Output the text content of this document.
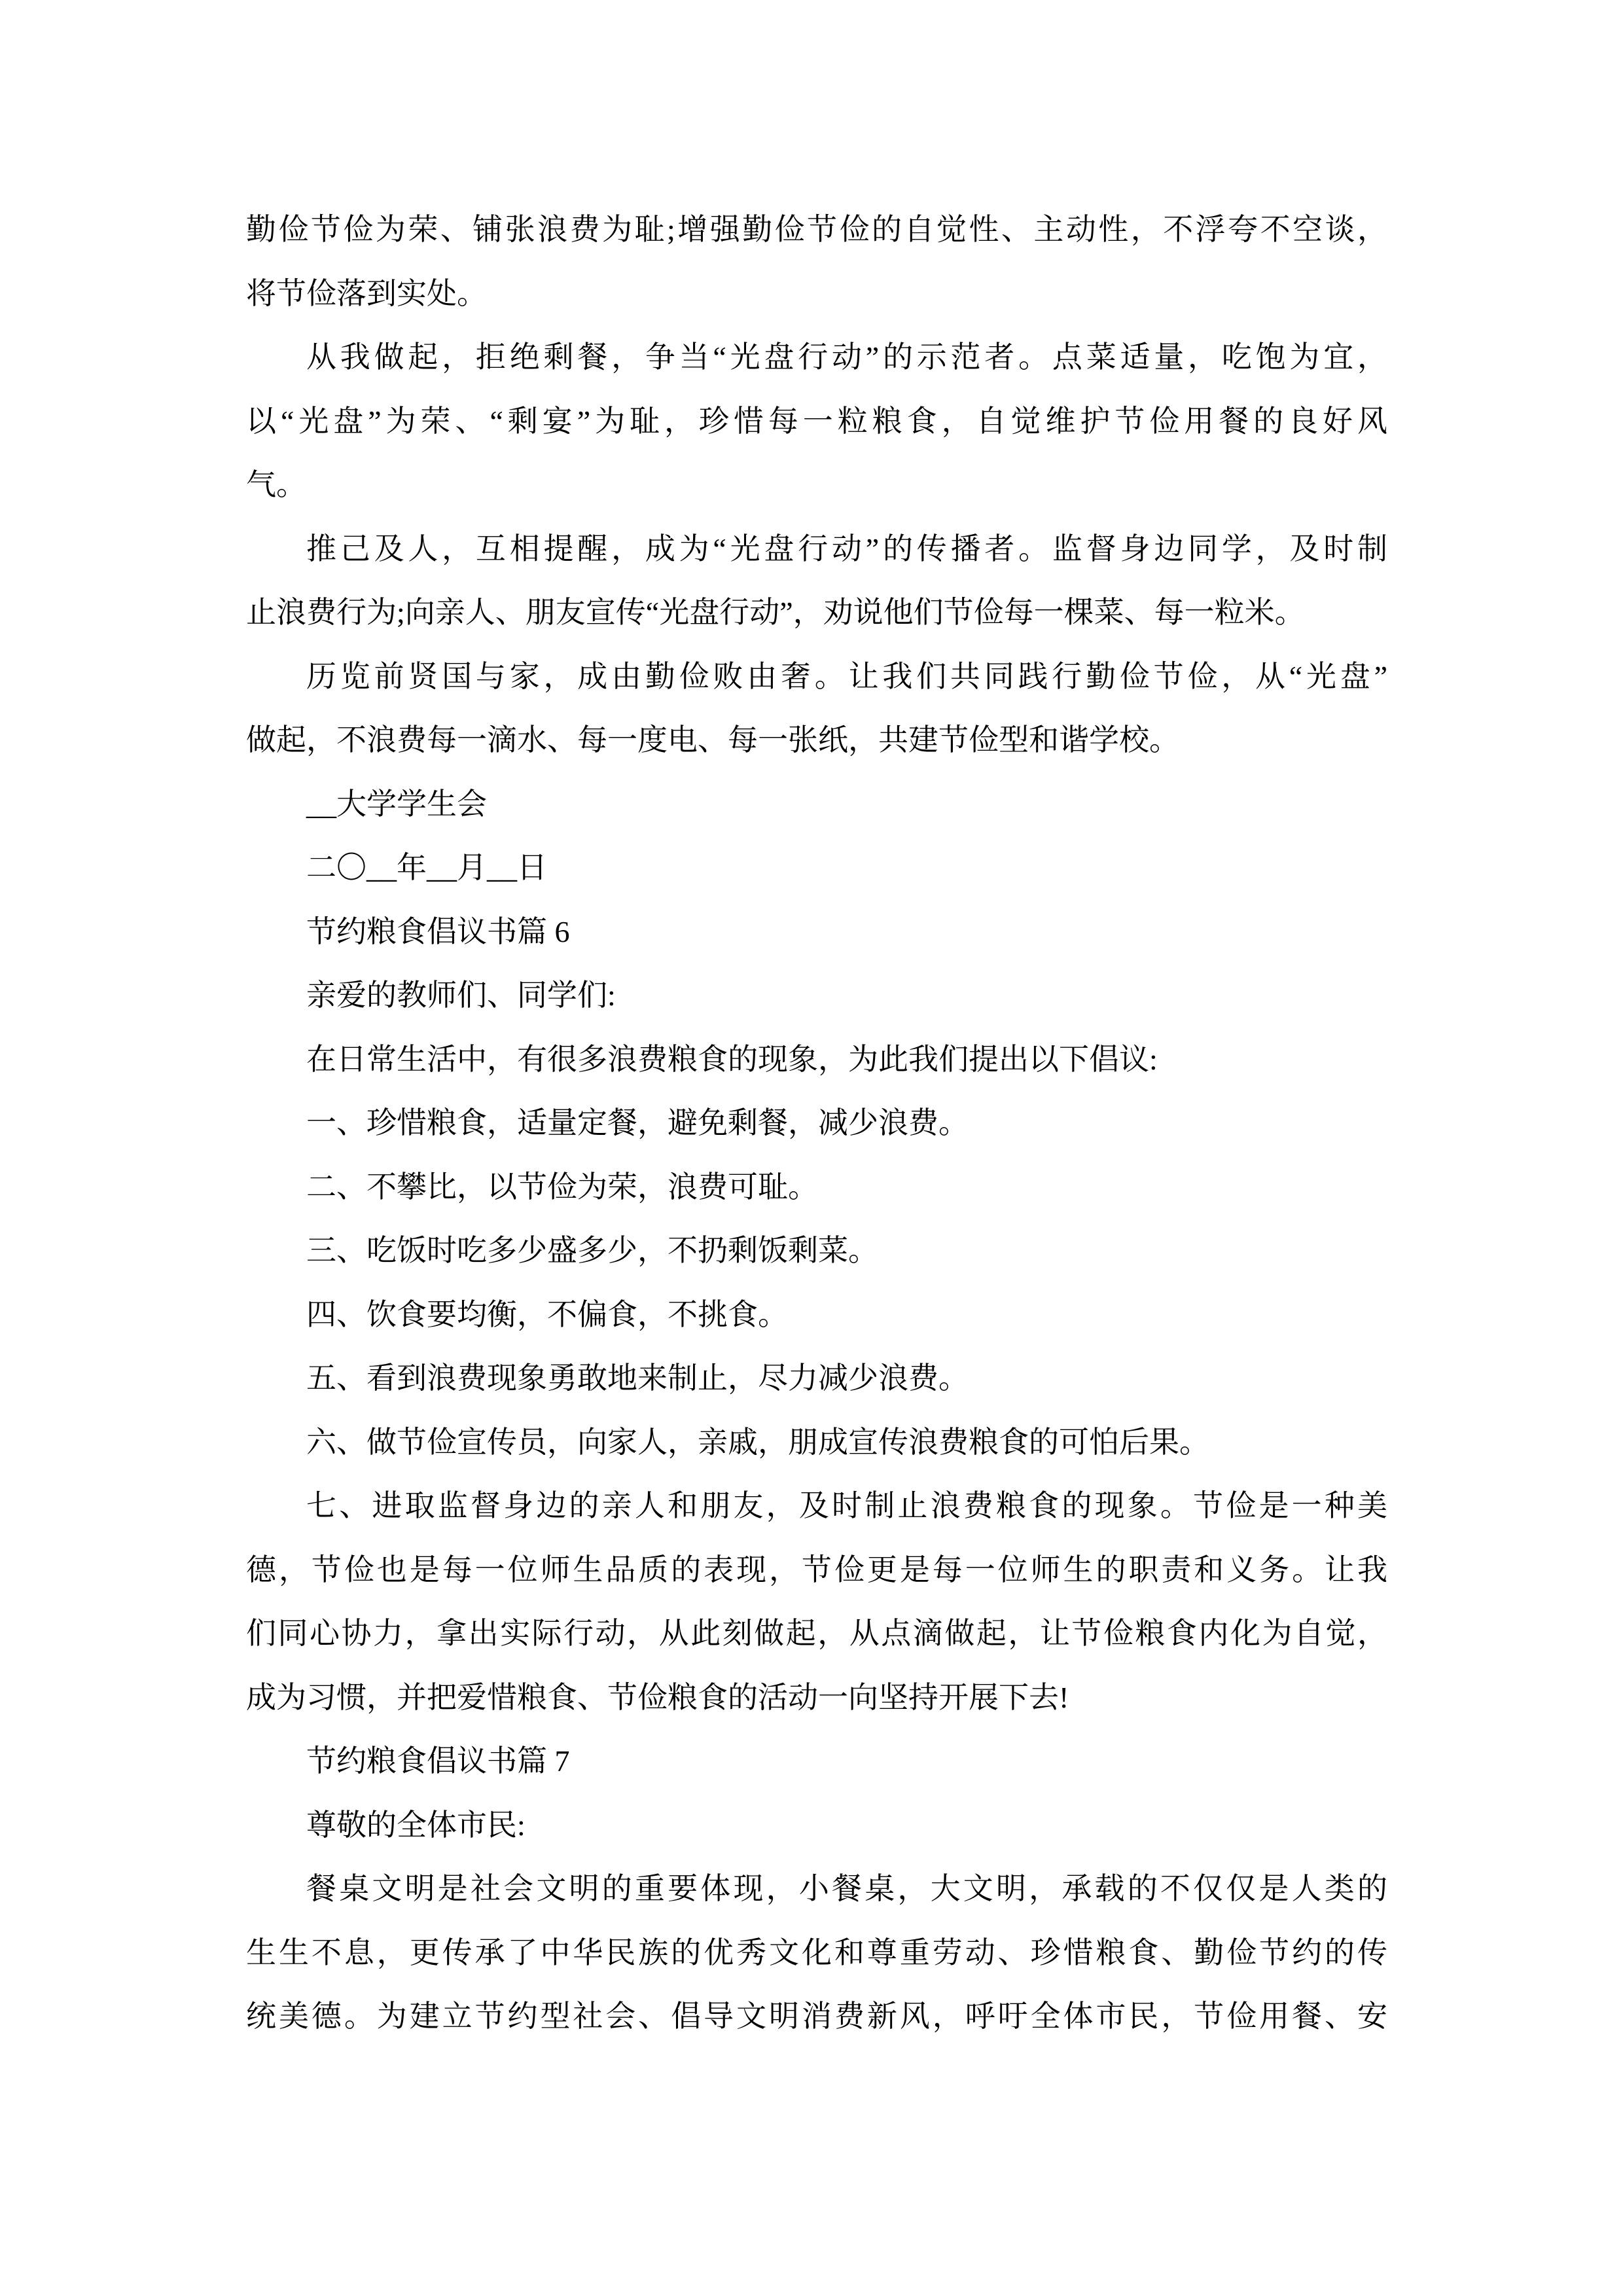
勤俭节俭为荣、铺张浪费为耻;增强勤俭节俭的自觉性、主动性，不浮夸不空谈，
将节俭落到实处。
从我做起，拒绝剩餐，争当“光盘行动”的示范者。点菜适量，吃饱为宜，
以“光盘”为荣、“剩宴”为耻，珍惜每一粒粮食，自觉维护节俭用餐的良好风
气。
推己及人，互相提醒，成为“光盘行动”的传播者。监督身边同学，及时制
止浪费行为;向亲人、朋友宣传“光盘行动”，劝说他们节俭每一棵菜、每一粒米。
历览前贤国与家，成由勤俭败由奢。让我们共同践行勤俭节俭，从“光盘”
做起，不浪费每一滴水、每一度电、每一张纸，共建节俭型和谐学校。
__大学学生会
二〇__年__月__日
节约粮食倡议书篇 6
亲爱的教师们、同学们:
在日常生活中，有很多浪费粮食的现象，为此我们提出以下倡议:
一、珍惜粮食，适量定餐，避免剩餐，减少浪费。
二、不攀比，以节俭为荣，浪费可耻。
三、吃饭时吃多少盛多少，不扔剩饭剩菜。
四、饮食要均衡，不偏食，不挑食。
五、看到浪费现象勇敢地来制止，尽力减少浪费。
六、做节俭宣传员，向家人，亲戚，朋成宣传浪费粮食的可怕后果。
七、进取监督身边的亲人和朋友，及时制止浪费粮食的现象。节俭是一种美
德，节俭也是每一位师生品质的表现，节俭更是每一位师生的职责和义务。让我
们同心协力，拿出实际行动，从此刻做起，从点滴做起，让节俭粮食内化为自觉，
成为习惯，并把爱惜粮食、节俭粮食的活动一向坚持开展下去!
节约粮食倡议书篇 7
尊敬的全体市民:
餐桌文明是社会文明的重要体现，小餐桌，大文明，承载的不仅仅是人类的
生生不息，更传承了中华民族的优秀文化和尊重劳动、珍惜粮食、勤俭节约的传
统美德。为建立节约型社会、倡导文明消费新风，呼吁全体市民，节俭用餐、安
